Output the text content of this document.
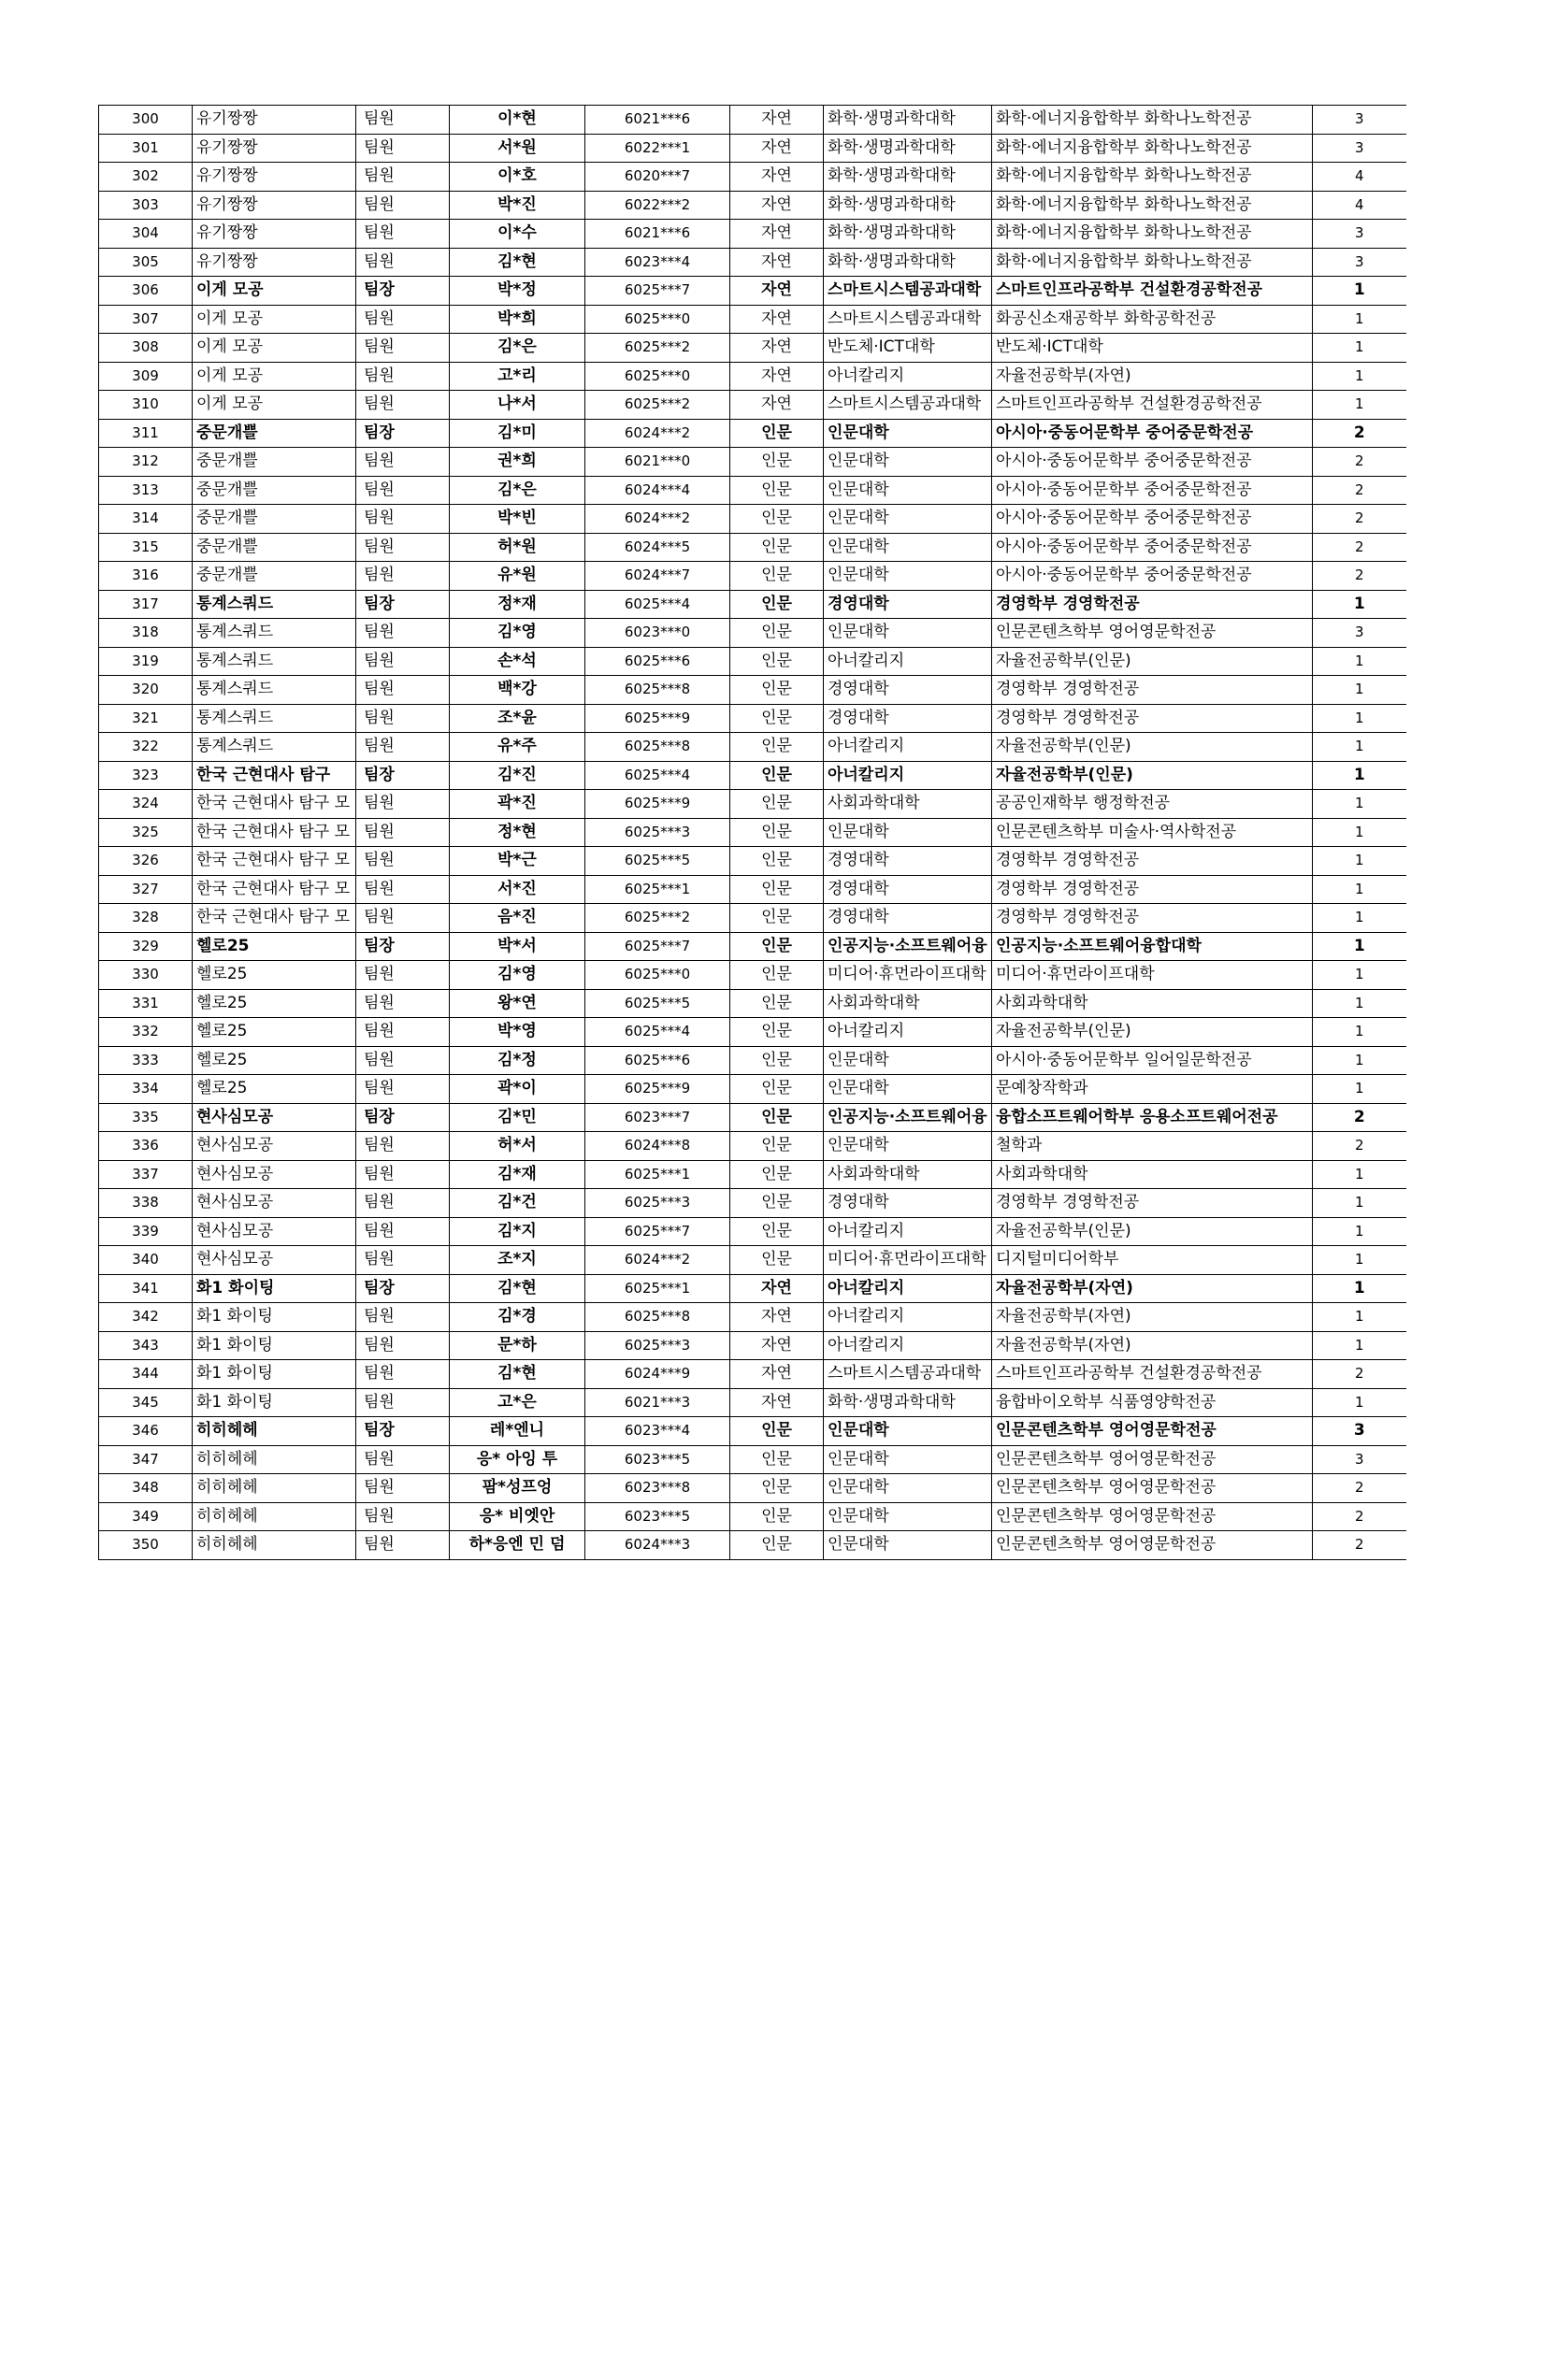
300	유기짱짱	팀원	이*현	6021***6	자연	화학·생명과학대학	화학·에너지융합학부 화학나노학전공	3
301	유기짱짱	팀원	서*원	6022***1	자연	화학·생명과학대학	화학·에너지융합학부 화학나노학전공	3
302	유기짱짱	팀원	이*호	6020***7	자연	화학·생명과학대학	화학·에너지융합학부 화학나노학전공	4
303	유기짱짱	팀원	박*진	6022***2	자연	화학·생명과학대학	화학·에너지융합학부 화학나노학전공	4
304	유기짱짱	팀원	이*수	6021***6	자연	화학·생명과학대학	화학·에너지융합학부 화학나노학전공	3
305	유기짱짱	팀원	김*현	6023***4	자연	화학·생명과학대학	화학·에너지융합학부 화학나노학전공	3
306	이게 모공	팀장	박*정	6025***7	자연	스마트시스템공과대학	스마트인프라공학부 건설환경공학전공	1
307	이게 모공	팀원	박*희	6025***0	자연	스마트시스템공과대학	화공신소재공학부 화학공학전공	1
308	이게 모공	팀원	김*은	6025***2	자연	반도체·ICT대학	반도체·ICT대학	1
309	이게 모공	팀원	고*리	6025***0	자연	아너칼리지	자율전공학부(자연)	1
310	이게 모공	팀원	나*서	6025***2	자연	스마트시스템공과대학	스마트인프라공학부 건설환경공학전공	1
311	중문개쁠	팀장	김*미	6024***2	인문	인문대학	아시아·중동어문학부 중어중문학전공	2
312	중문개쁠	팀원	권*희	6021***0	인문	인문대학	아시아·중동어문학부 중어중문학전공	2
313	중문개쁠	팀원	김*은	6024***4	인문	인문대학	아시아·중동어문학부 중어중문학전공	2
314	중문개쁠	팀원	박*빈	6024***2	인문	인문대학	아시아·중동어문학부 중어중문학전공	2
315	중문개쁠	팀원	허*원	6024***5	인문	인문대학	아시아·중동어문학부 중어중문학전공	2
316	중문개쁠	팀원	유*원	6024***7	인문	인문대학	아시아·중동어문학부 중어중문학전공	2
317	통계스쿼드	팀장	정*재	6025***4	인문	경영대학	경영학부 경영학전공	1
318	통계스쿼드	팀원	김*영	6023***0	인문	인문대학	인문콘텐츠학부 영어영문학전공	3
319	통계스쿼드	팀원	손*석	6025***6	인문	아너칼리지	자율전공학부(인문)	1
320	통계스쿼드	팀원	백*강	6025***8	인문	경영대학	경영학부 경영학전공	1
321	통계스쿼드	팀원	조*윤	6025***9	인문	경영대학	경영학부 경영학전공	1
322	통계스쿼드	팀원	유*주	6025***8	인문	아너칼리지	자율전공학부(인문)	1
323	한국 근현대사 탐구	팀장	김*진	6025***4	인문	아너칼리지	자율전공학부(인문)	1
324	한국 근현대사 탐구 모	팀원	곽*진	6025***9	인문	사회과학대학	공공인재학부 행정학전공	1
325	한국 근현대사 탐구 모	팀원	정*현	6025***3	인문	인문대학	인문콘텐츠학부 미술사·역사학전공	1
326	한국 근현대사 탐구 모	팀원	박*근	6025***5	인문	경영대학	경영학부 경영학전공	1
327	한국 근현대사 탐구 모	팀원	서*진	6025***1	인문	경영대학	경영학부 경영학전공	1
328	한국 근현대사 탐구 모	팀원	음*진	6025***2	인문	경영대학	경영학부 경영학전공	1
329	헬로25	팀장	박*서	6025***7	인문	인공지능·소프트웨어융	인공지능·소프트웨어융합대학	1
330	헬로25	팀원	김*영	6025***0	인문	미디어·휴먼라이프대학	미디어·휴먼라이프대학	1
331	헬로25	팀원	왕*연	6025***5	인문	사회과학대학	사회과학대학	1
332	헬로25	팀원	박*영	6025***4	인문	아너칼리지	자율전공학부(인문)	1
333	헬로25	팀원	김*정	6025***6	인문	인문대학	아시아·중동어문학부 일어일문학전공	1
334	헬로25	팀원	곽*이	6025***9	인문	인문대학	문예창작학과	1
335	현사심모공	팀장	김*민	6023***7	인문	인공지능·소프트웨어융	융합소프트웨어학부 응용소프트웨어전공	2
336	현사심모공	팀원	허*서	6024***8	인문	인문대학	철학과	2
337	현사심모공	팀원	김*재	6025***1	인문	사회과학대학	사회과학대학	1
338	현사심모공	팀원	김*건	6025***3	인문	경영대학	경영학부 경영학전공	1
339	현사심모공	팀원	김*지	6025***7	인문	아너칼리지	자율전공학부(인문)	1
340	현사심모공	팀원	조*지	6024***2	인문	미디어·휴먼라이프대학	디지털미디어학부	1
341	화1 화이팅	팀장	김*현	6025***1	자연	아너칼리지	자율전공학부(자연)	1
342	화1 화이팅	팀원	김*경	6025***8	자연	아너칼리지	자율전공학부(자연)	1
343	화1 화이팅	팀원	문*하	6025***3	자연	아너칼리지	자율전공학부(자연)	1
344	화1 화이팅	팀원	김*현	6024***9	자연	스마트시스템공과대학	스마트인프라공학부 건설환경공학전공	2
345	화1 화이팅	팀원	고*은	6021***3	자연	화학·생명과학대학	융합바이오학부 식품영양학전공	1
346	히히헤헤	팀장	레*엔니	6023***4	인문	인문대학	인문콘텐츠학부 영어영문학전공	3
347	히히헤헤	팀원	응* 아잉 투	6023***5	인문	인문대학	인문콘텐츠학부 영어영문학전공	3
348	히히헤헤	팀원	팜*성프엉	6023***8	인문	인문대학	인문콘텐츠학부 영어영문학전공	2
349	히히헤헤	팀원	응* 비엣안	6023***5	인문	인문대학	인문콘텐츠학부 영어영문학전공	2
350	히히헤헤	팀원	하*응엔 민 덤	6024***3	인문	인문대학	인문콘텐츠학부 영어영문학전공	2
